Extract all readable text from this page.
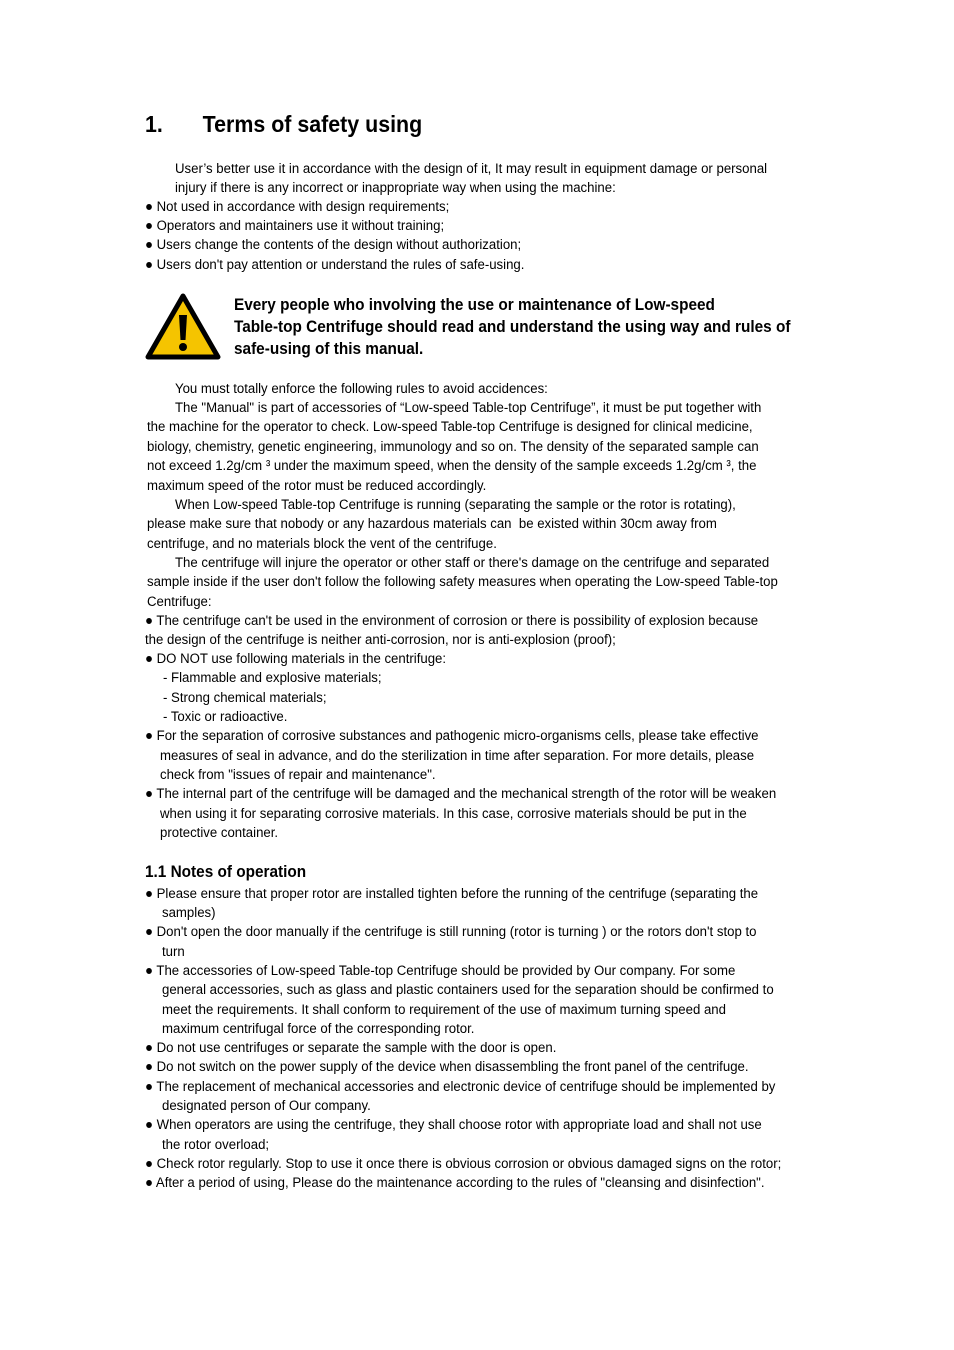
1. Terms of safety using
User’s better use it in accordance with the design of it, It may result in equipment damage or personal
injury if there is any incorrect or inappropriate way when using the machine:
● Not used in accordance with design requirements;
● Operators and maintainers use it without training;
● Users change the contents of the design without authorization;
● Users don't pay attention or understand the rules of safe-using.
Every people who involving the use or maintenance of Low-speed
Table-top Centrifuge should read and understand the using way and rules of
safe-using of this manual.
You must totally enforce the following rules to avoid accidences:
The "Manual" is part of accessories of “Low-speed Table-top Centrifuge”, it must be put together with
the machine for the operator to check. Low-speed Table-top Centrifuge is designed for clinical medicine,
biology, chemistry, genetic engineering, immunology and so on. The density of the separated sample can
not exceed 1.2g/cm ³ under the maximum speed, when the density of the sample exceeds 1.2g/cm ³, the
maximum speed of the rotor must be reduced accordingly.
When Low-speed Table-top Centrifuge is running (separating the sample or the rotor is rotating),
please make sure that nobody or any hazardous materials can  be existed within 30cm away from
centrifuge, and no materials block the vent of the centrifuge.
The centrifuge will injure the operator or other staff or there's damage on the centrifuge and separated
sample inside if the user don't follow the following safety measures when operating the Low-speed Table-top
Centrifuge:
● The centrifuge can't be used in the environment of corrosion or there is possibility of explosion because
the design of the centrifuge is neither anti-corrosion, nor is anti-explosion (proof);
● DO NOT use following materials in the centrifuge:
- Flammable and explosive materials;
- Strong chemical materials;
- Toxic or radioactive.
● For the separation of corrosive substances and pathogenic micro-organisms cells, please take effective
measures of seal in advance, and do the sterilization in time after separation. For more details, please
check from "issues of repair and maintenance".
● The internal part of the centrifuge will be damaged and the mechanical strength of the rotor will be weaken
when using it for separating corrosive materials. In this case, corrosive materials should be put in the
protective container.
1.1 Notes of operation
● Please ensure that proper rotor are installed tighten before the running of the centrifuge (separating the
samples)
● Don't open the door manually if the centrifuge is still running (rotor is turning ) or the rotors don't stop to
turn
● The accessories of Low-speed Table-top Centrifuge should be provided by Our company. For some
general accessories, such as glass and plastic containers used for the separation should be confirmed to
meet the requirements. It shall conform to requirement of the use of maximum turning speed and
maximum centrifugal force of the corresponding rotor.
● Do not use centrifuges or separate the sample with the door is open.
● Do not switch on the power supply of the device when disassembling the front panel of the centrifuge.
● The replacement of mechanical accessories and electronic device of centrifuge should be implemented by
designated person of Our company.
● When operators are using the centrifuge, they shall choose rotor with appropriate load and shall not use
the rotor overload;
● Check rotor regularly. Stop to use it once there is obvious corrosion or obvious damaged signs on the rotor;
● After a period of using, Please do the maintenance according to the rules of "cleansing and disinfection".
